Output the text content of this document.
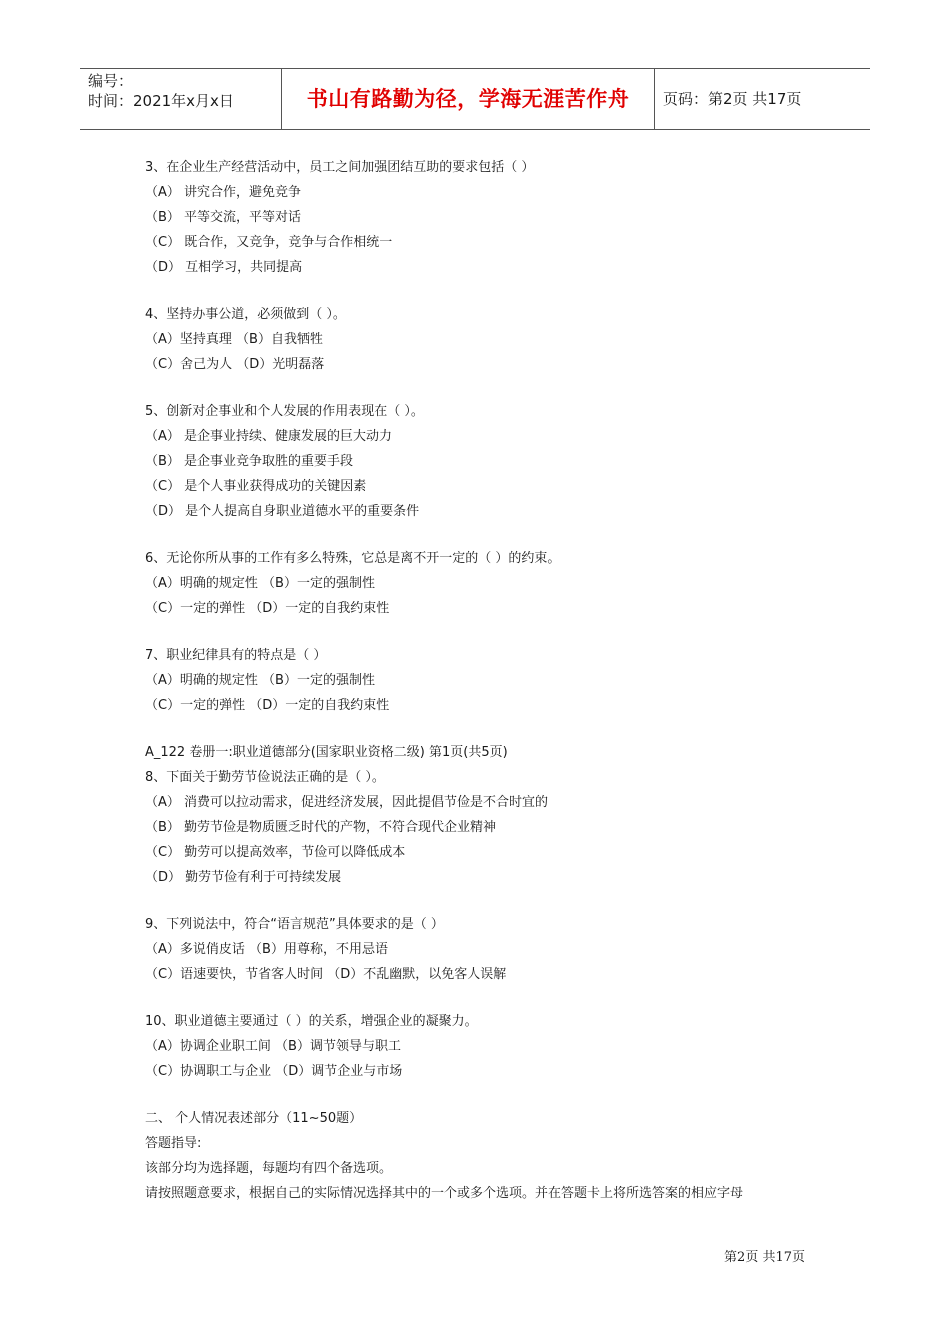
编号：
时间：2021年x月x日	书山有路勤为径，学海无涯苦作舟	页码：第2页 共17页
3、在企业生产经营活动中，员工之间加强团结互助的要求包括（ ）
（A） 讲究合作，避免竞争
（B） 平等交流，平等对话
（C） 既合作，又竞争，竞争与合作相统一
（D） 互相学习，共同提高
4、坚持办事公道，必须做到（ ）。
（A）坚持真理 （B）自我牺牲
（C）舍己为人 （D）光明磊落
5、创新对企事业和个人发展的作用表现在（ ）。
（A） 是企事业持续、健康发展的巨大动力
（B） 是企事业竞争取胜的重要手段
（C） 是个人事业获得成功的关键因素
（D） 是个人提高自身职业道德水平的重要条件
6、无论你所从事的工作有多么特殊，它总是离不开一定的（ ）的约束。
（A）明确的规定性 （B）一定的强制性
（C）一定的弹性 （D）一定的自我约束性
7、职业纪律具有的特点是（ ）
（A）明确的规定性 （B）一定的强制性
（C）一定的弹性 （D）一定的自我约束性
A_122 卷册一:职业道德部分(国家职业资格二级) 第1页(共5页)
8、下面关于勤劳节俭说法正确的是（ ）。
（A） 消费可以拉动需求，促进经济发展，因此提倡节俭是不合时宜的
（B） 勤劳节俭是物质匮乏时代的产物，不符合现代企业精神
（C） 勤劳可以提高效率，节俭可以降低成本
（D） 勤劳节俭有利于可持续发展
9、下列说法中，符合“语言规范”具体要求的是（ ）
（A）多说俏皮话 （B）用尊称，不用忌语
（C）语速要快，节省客人时间 （D）不乱幽默，以免客人误解
10、职业道德主要通过（ ）的关系，增强企业的凝聚力。
（A）协调企业职工间 （B）调节领导与职工
（C）协调职工与企业 （D）调节企业与市场
二、 个人情况表述部分（11~50题）
答题指导:
该部分均为选择题，每题均有四个备选项。
请按照题意要求，根据自己的实际情况选择其中的一个或多个选项。并在答题卡上将所选答案的相应字母
第2页 共17页
